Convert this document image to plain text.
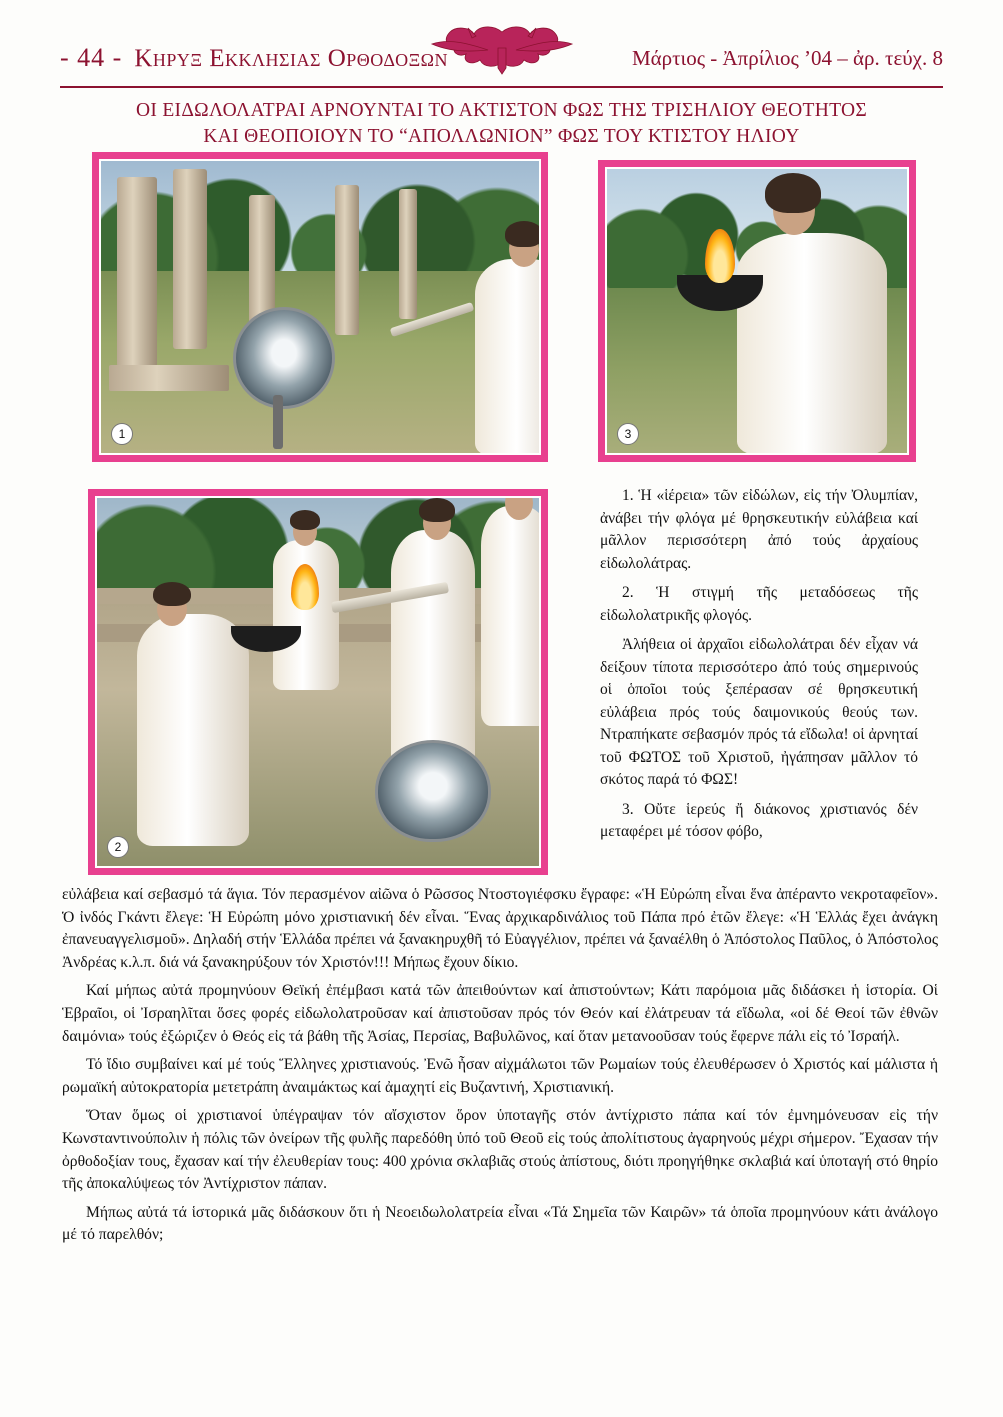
- 44 - Κηρυξ Εκκλησιας Ορθοδοξων	Μάρτιος - Ἀπρίλιος ’04 – ἀρ. τεύχ. 8
ΟΙ ΕΙΔΩΛΟΛΑΤΡΑΙ ΑΡΝΟΥΝΤΑΙ ΤΟ ΑΚΤΙΣΤΟΝ ΦΩΣ ΤΗΣ ΤΡΙΣΗΛΙΟΥ ΘΕΟΤΗΤΟΣ
ΚΑΙ ΘΕΟΠΟΙΟΥΝ ΤΟ “ΑΠΟΛΛΩΝΙΟΝ” ΦΩΣ ΤΟΥ ΚΤΙΣΤΟΥ ΗΛΙΟΥ
1	3
2

1. Ἡ «ἱέρεια» τῶν εἰδώλων, εἰς τήν Ὀλυμπίαν, ἀνάβει τήν φλόγα μέ θρησκευτικήν εὐλάβεια καί μᾶλλον περισσότερη ἀπό τούς ἀρχαίους εἰδωλολάτρας.

2. Ἡ στιγμή τῆς μεταδόσεως τῆς εἰδωλολατρικῆς φλογός.

Ἀλήθεια οἱ ἀρχαῖοι εἰδωλολάτραι δέν εἶχαν νά δείξουν τίποτα περισσότερο ἀπό τούς σημερινούς οἱ ὁποῖοι τούς ξεπέρασαν σέ θρησκευτική εὐλάβεια πρός τούς δαιμονικούς θεούς των. Ντραπήκατε σεβασμόν πρός τά εἴδωλα! οἱ ἀρνηταί τοῦ ΦΩΤΟΣ τοῦ Χριστοῦ, ἠγάπησαν μᾶλλον τό σκότος παρά τό ΦΩΣ!

3. Οὔτε ἱερεύς ἤ διάκονος χριστιανός δέν μεταφέρει μέ τόσον φόβο,

εὐλάβεια καί σεβασμό τά ἅγια. Τόν περασμένον αἰῶνα ὁ Ρῶσσος Ντοστογιέφσκυ ἔγραφε: «Ἡ Εὐρώπη εἶναι ἕνα ἀπέραντο νεκροταφεῖον». Ὁ ἰνδός Γκάντι ἔλεγε: Ἡ Εὐρώπη μόνο χριστιανική δέν εἶναι. Ἕνας ἀρχικαρδινάλιος τοῦ Πάπα πρό ἐτῶν ἔλεγε: «Ἡ Ἑλλάς ἔχει ἀνάγκη ἐπανευαγγελισμοῦ». Δηλαδή στήν Ἑλλάδα πρέπει νά ξανακηρυχθῆ τό Εὐαγγέλιον, πρέπει νά ξαναέλθη ὁ Ἀπόστολος Παῦλος, ὁ Ἀπόστολος Ἀνδρέας κ.λ.π. διά νά ξανακηρύξουν τόν Χριστόν!!! Μήπως ἔχουν δίκιο.

Καί μήπως αὐτά προμηνύουν Θεϊκή ἐπέμβασι κατά τῶν ἀπειθούντων καί ἀπιστούντων; Κάτι παρόμοια μᾶς διδάσκει ἡ ἱστορία. Οἱ Ἑβραῖοι, οἱ Ἰσραηλῖται ὅσες φορές εἰδωλολατροῦσαν καί ἀπιστοῦσαν πρός τόν Θεόν καί ἐλάτρευαν τά εἴδωλα, «οἱ δέ Θεοί τῶν ἐθνῶν δαιμόνια» τούς ἐξώριζεν ὁ Θεός εἰς τά βάθη τῆς Ἀσίας, Περσίας, Βαβυλῶνος, καί ὅταν μετανοοῦσαν τούς ἔφερνε πάλι εἰς τό Ἰσραήλ.

Τό ἴδιο συμβαίνει καί μέ τούς Ἕλληνες χριστιανούς. Ἐνῶ ἦσαν αἰχμάλωτοι τῶν Ρωμαίων τούς ἐλευθέρωσεν ὁ Χριστός καί μάλιστα ἡ ρωμαϊκή αὐτοκρατορία μετετράπη ἀναιμάκτως καί ἀμαχητί εἰς Βυζαντινή, Χριστιανική.

Ὅταν ὅμως οἱ χριστιανοί ὑπέγραψαν τόν αἴσχιστον ὅρον ὑποταγῆς στόν ἀντίχριστο πάπα καί τόν ἐμνημόνευσαν εἰς τήν Κωνσταντινούπολιν ἡ πόλις τῶν ὀνείρων τῆς φυλῆς παρεδόθη ὑπό τοῦ Θεοῦ εἰς τούς ἀπολίτιστους ἀγαρηνούς μέχρι σήμερον. Ἔχασαν τήν ὀρθοδοξίαν τους, ἔχασαν καί τήν ἐλευθερίαν τους: 400 χρόνια σκλαβιᾶς στούς ἀπίστους, διότι προηγήθηκε σκλαβιά καί ὑποταγή στό θηρίο τῆς ἀποκαλύψεως τόν Ἀντίχριστον πάπαν.

Μήπως αὐτά τά ἱστορικά μᾶς διδάσκουν ὅτι ἡ Νεοειδωλολατρεία εἶναι «Τά Σημεῖα τῶν Καιρῶν» τά ὁποῖα προμηνύουν κάτι ἀνάλογο μέ τό παρελθόν;
